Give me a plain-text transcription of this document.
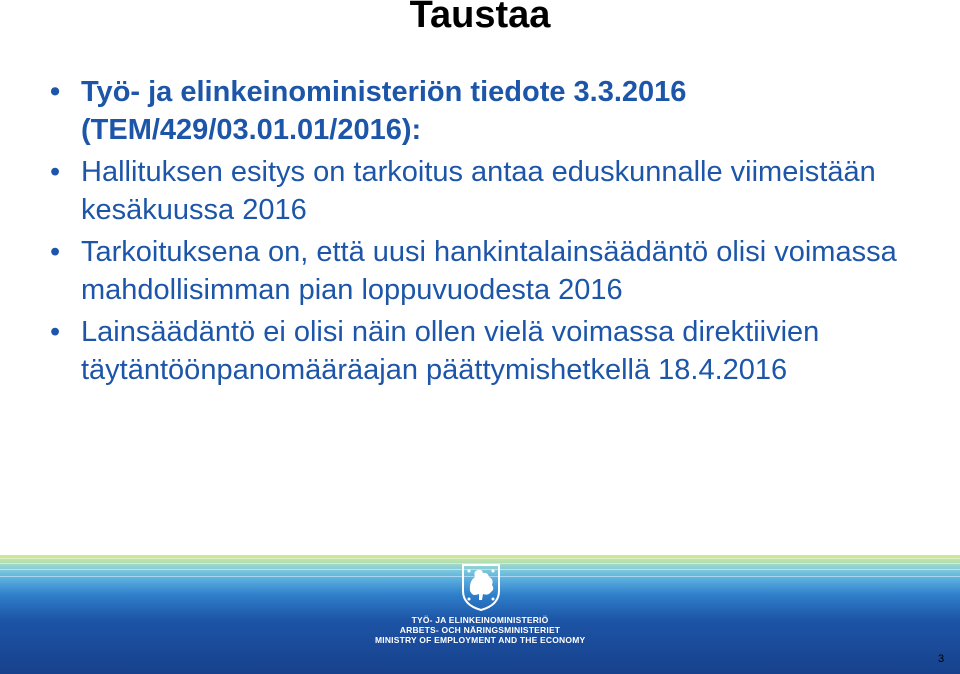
Taustaa
• Työ- ja elinkeinoministeriön tiedote 3.3.2016 (TEM/429/03.01.01/2016):
• Hallituksen esitys on tarkoitus antaa eduskunnalle viimeistään kesäkuussa 2016
• Tarkoituksena on, että uusi hankintalainsäädäntö olisi voimassa mahdollisimman pian loppuvuodesta 2016
• Lainsäädäntö ei olisi näin ollen vielä voimassa direktiivien täytäntöönpanomääräajan päättymishetkellä 18.4.2016
TYÖ- JA ELINKEINOMINISTERIÖ
ARBETS- OCH NÄRINGSMINISTERIET
MINISTRY OF EMPLOYMENT AND THE ECONOMY
3
